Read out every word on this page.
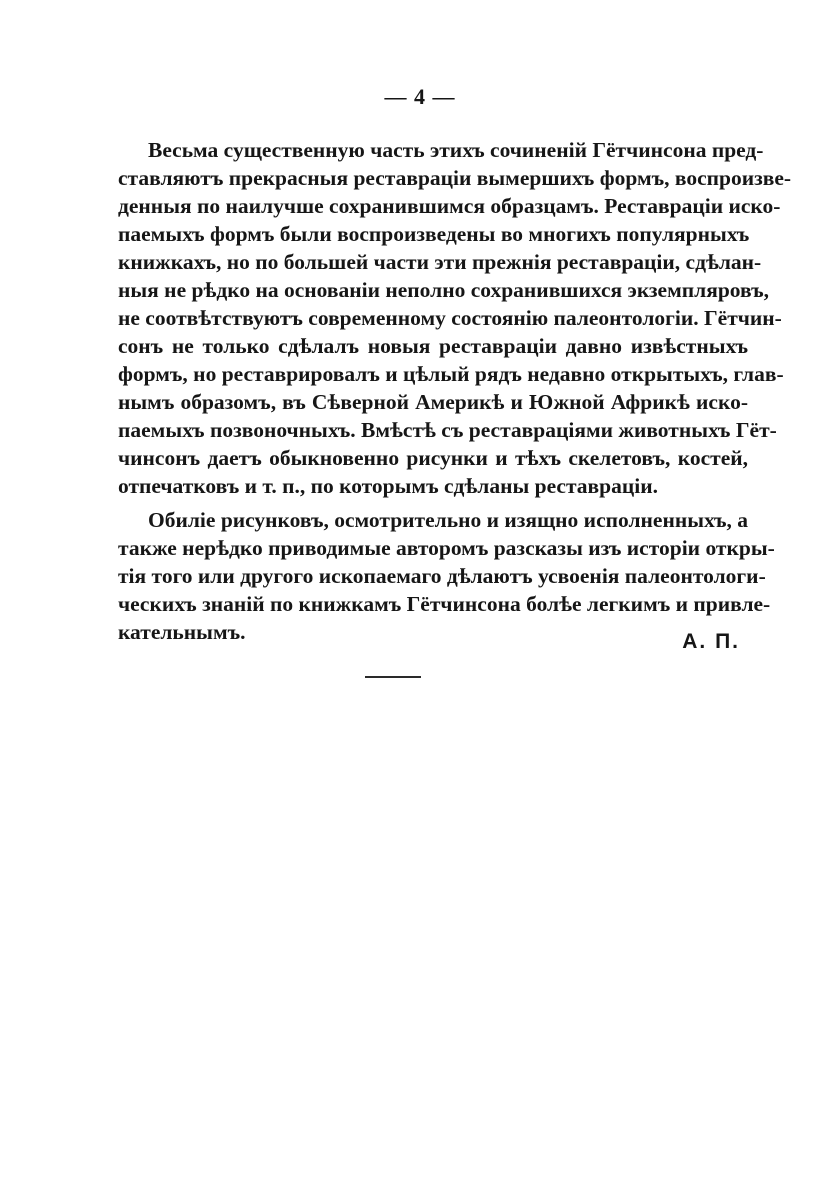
— 4 —
Весьма существенную часть этихъ сочиненій Гётчинсона пред-
ставляютъ прекрасныя реставраціи вымершихъ формъ, воспроизве-
денныя по наилучше сохранившимся образцамъ. Реставраціи иско-
паемыхъ формъ были воспроизведены во многихъ популярныхъ
книжкахъ, но по большей части эти прежнія реставраціи, сдѣлан-
ныя не рѣдко на основаніи неполно сохранившихся экземпляровъ,
не соотвѣтствуютъ современному состоянію палеонтологіи. Гётчин-
сонъ не только сдѣлалъ новыя реставраціи давно извѣстныхъ
формъ, но реставрировалъ и цѣлый рядъ недавно открытыхъ, глав-
нымъ образомъ, въ Сѣверной Америкѣ и Южной Африкѣ иско-
паемыхъ позвоночныхъ. Вмѣстѣ съ реставраціями животныхъ Гёт-
чинсонъ даетъ обыкновенно рисунки и тѣхъ скелетовъ, костей,
отпечатковъ и т. п., по которымъ сдѣланы реставраціи.
Обиліе рисунковъ, осмотрительно и изящно исполненныхъ, а
также нерѣдко приводимые авторомъ разсказы изъ исторіи откры-
тія того или другого ископаемаго дѣлаютъ усвоенія палеонтологи-
ческихъ знаній по книжкамъ Гётчинсона болѣе легкимъ и привле-
кательнымъ.	А. П.
